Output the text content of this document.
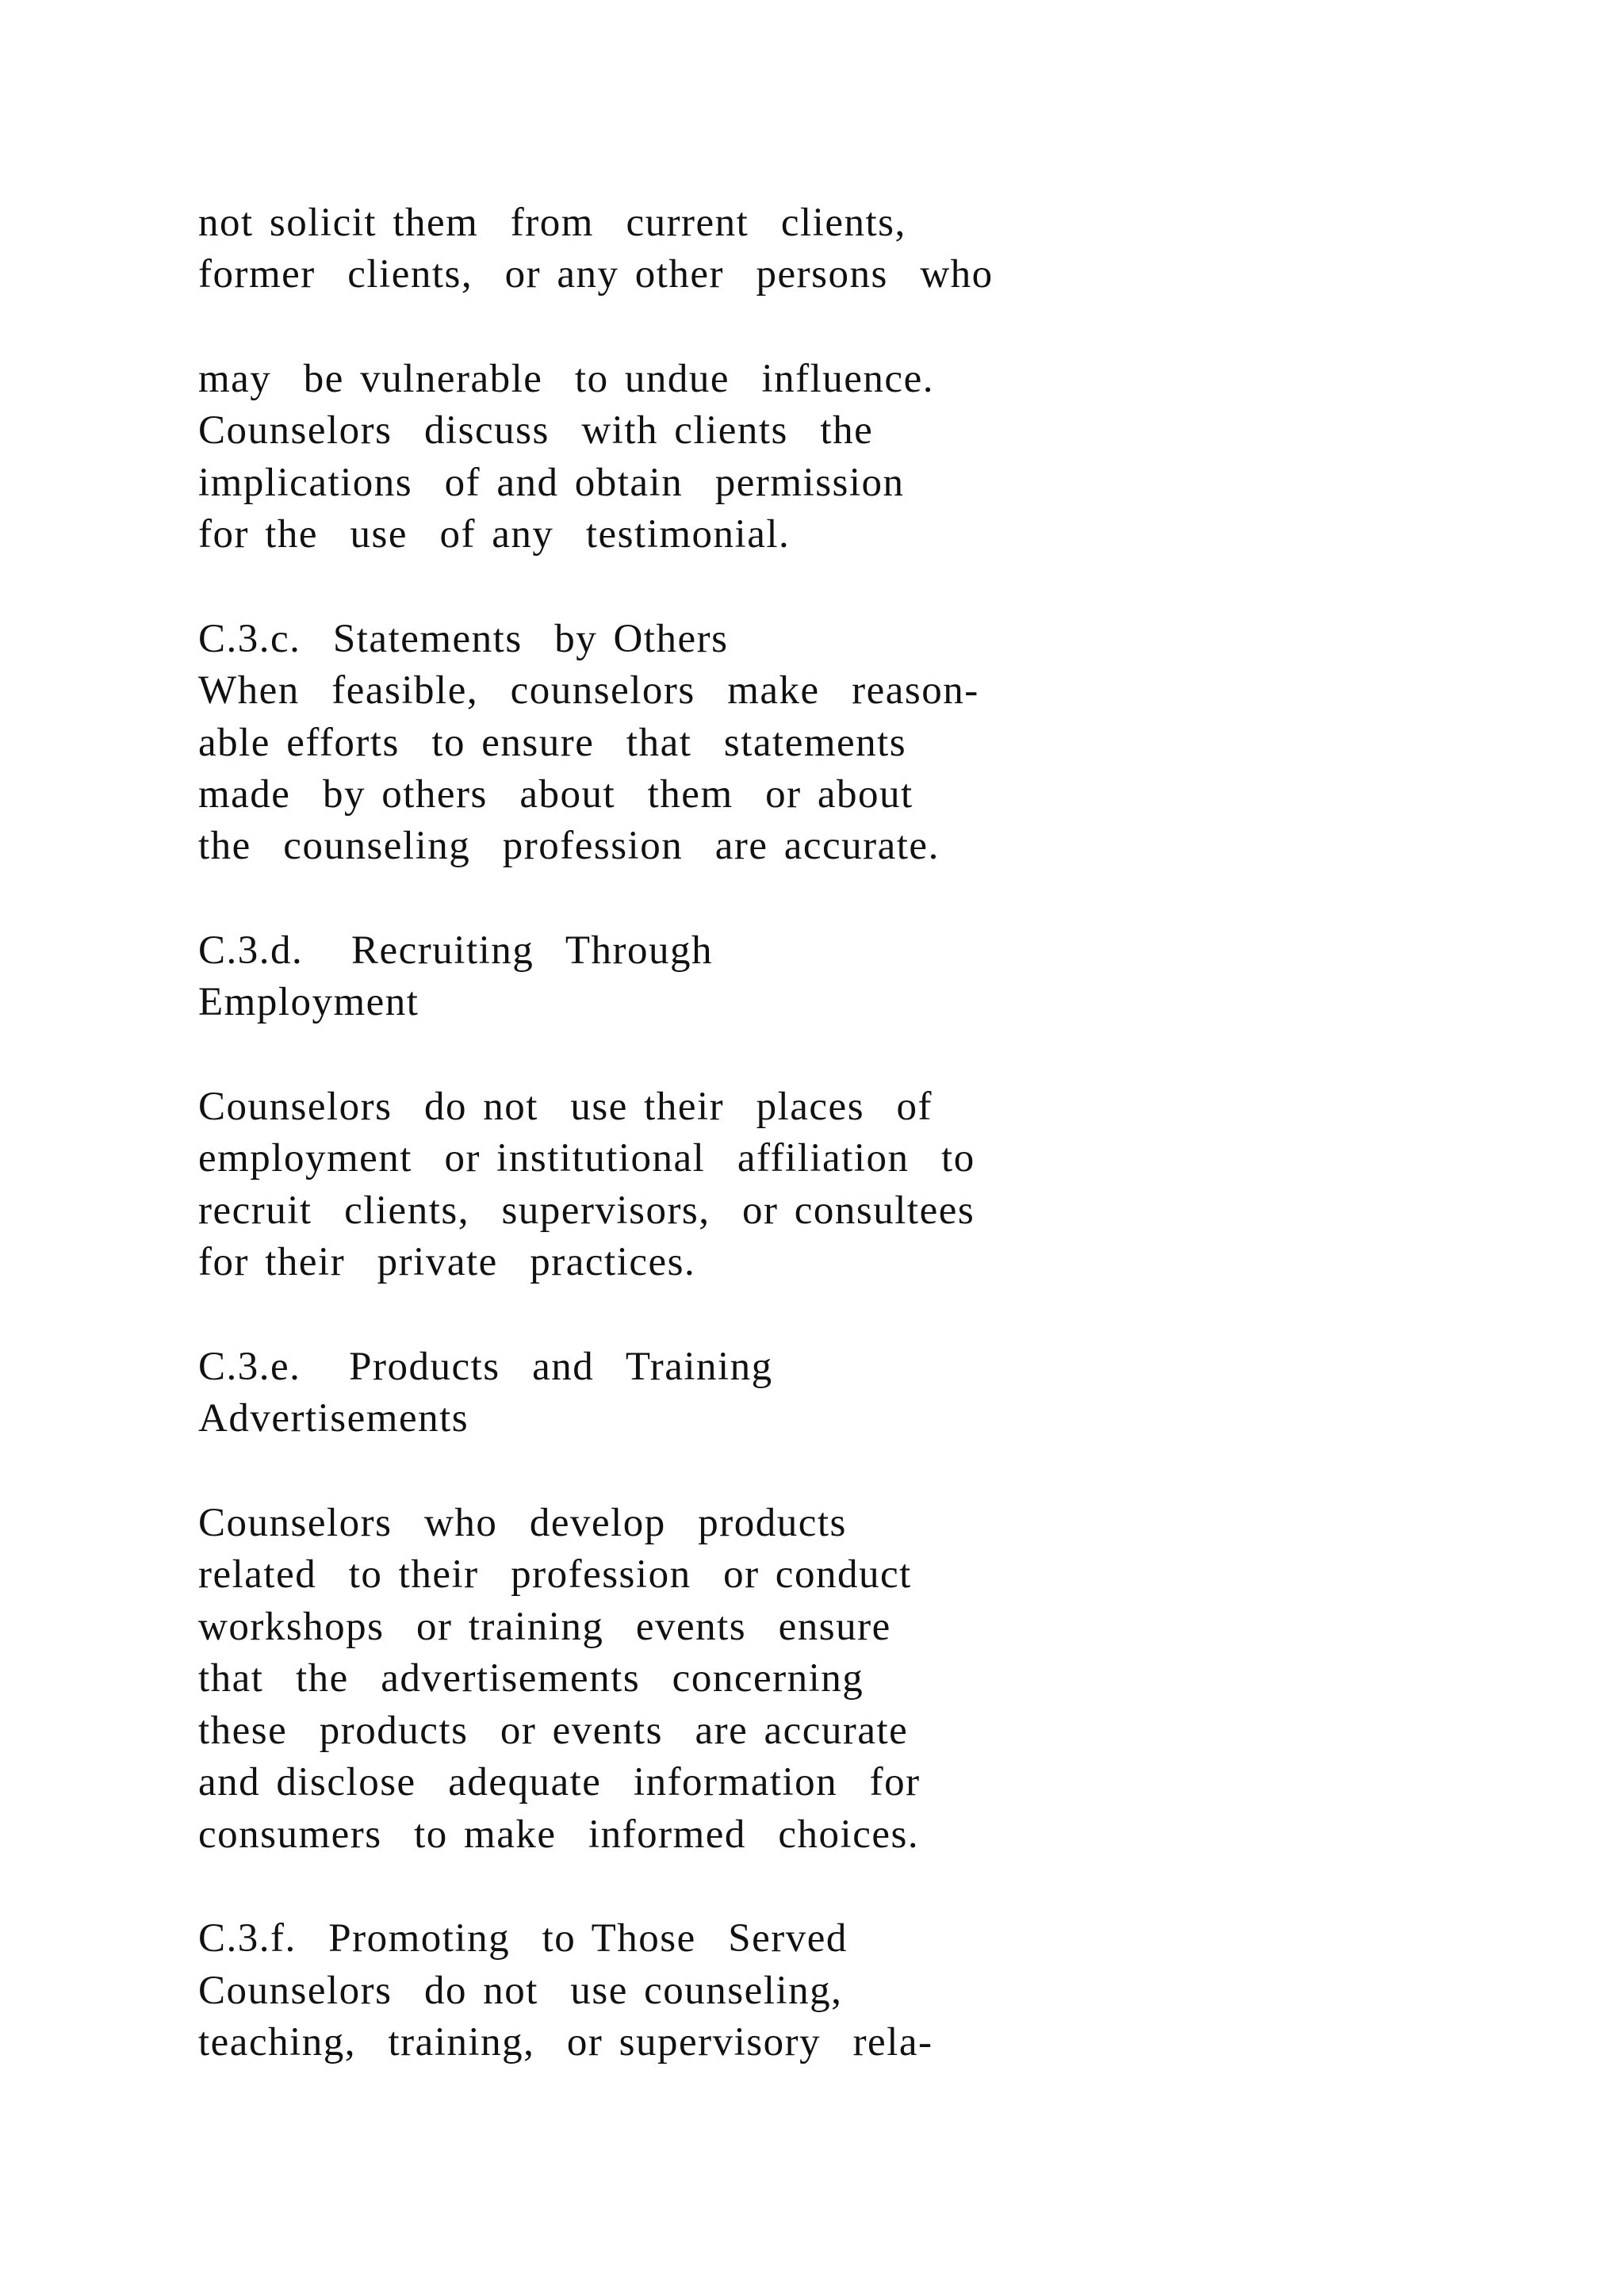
not solicit them  from  current  clients,
former  clients,  or any other  persons  who
may  be vulnerable  to undue  influence.
Counselors  discuss  with clients  the
implications  of and obtain  permission
for the  use  of any  testimonial.
C.3.c.  Statements  by Others
When  feasible,  counselors  make  reason-
able efforts  to ensure  that  statements
made  by others  about  them  or about
the  counseling  profession  are accurate.
C.3.d.   Recruiting  Through
Employment
Counselors  do not  use their  places  of
employment  or institutional  affiliation  to
recruit  clients,  supervisors,  or consultees
for their  private  practices.
C.3.e.   Products  and  Training
Advertisements
Counselors  who  develop  products
related  to their  profession  or conduct
workshops  or training  events  ensure
that  the  advertisements  concerning
these  products  or events  are accurate
and disclose  adequate  information  for
consumers  to make  informed  choices.
C.3.f.  Promoting  to Those  Served
Counselors  do not  use counseling,
teaching,  training,  or supervisory  rela-
